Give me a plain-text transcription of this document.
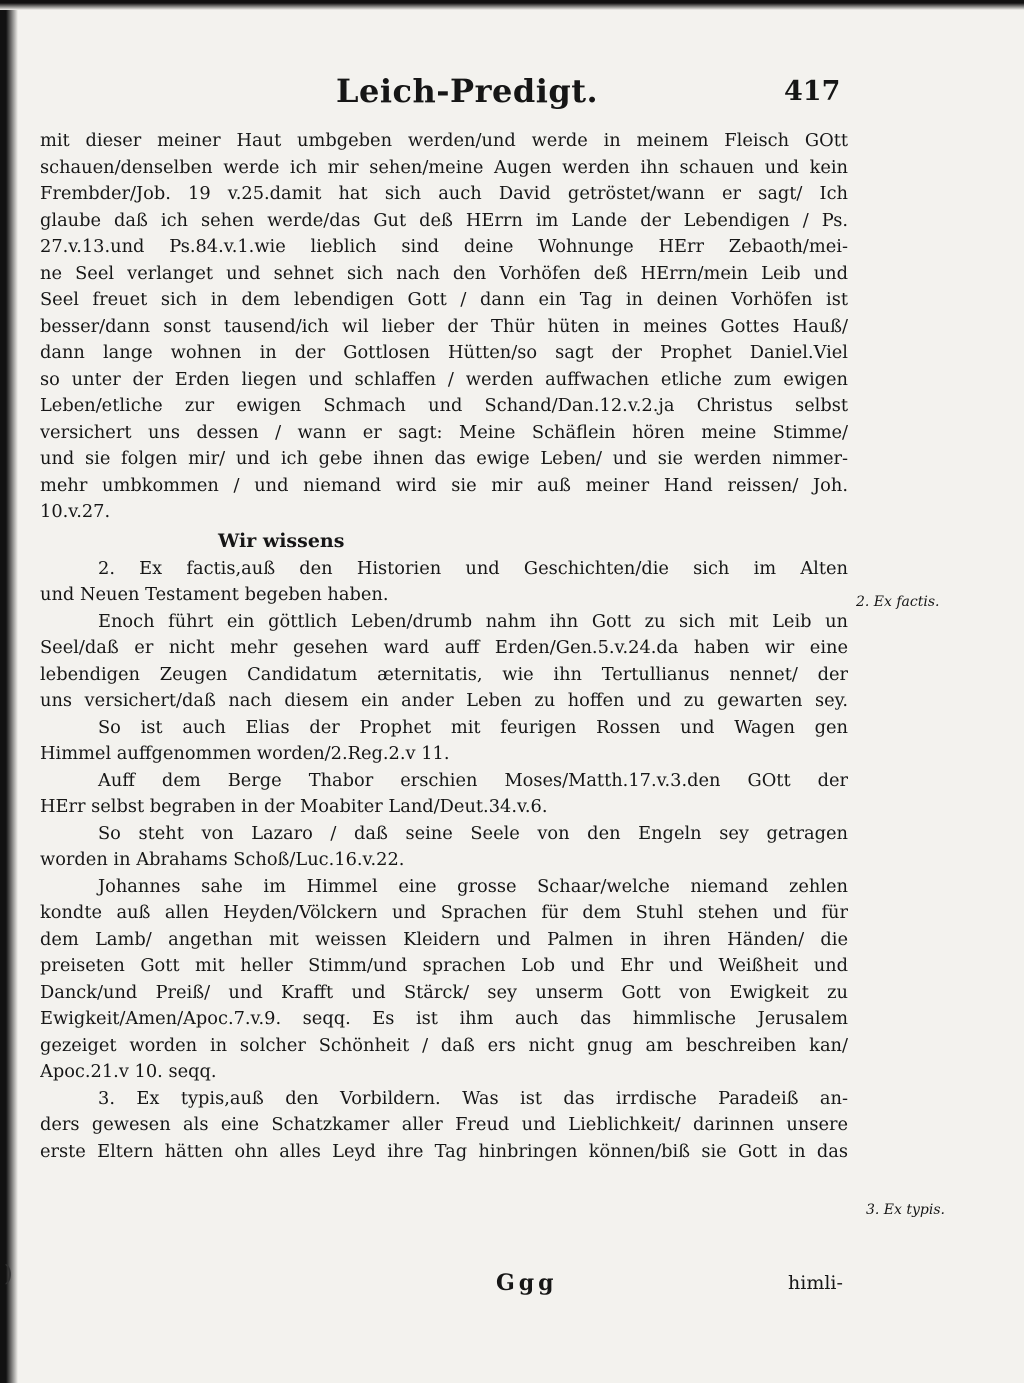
Leich-Predigt.	417
mit dieser meiner Haut umbgeben werden/und werde in meinem Fleisch GOtt
schauen/denselben werde ich mir sehen/meine Augen werden ihn schauen und kein
Frembder/Job. 19 v.25.damit hat sich auch David getröstet/wann er sagt/ Ich
glaube daß ich sehen werde/das Gut deß HErrn im Lande der Lebendigen / Ps.
27.v.13.und Ps.84.v.1.wie lieblich sind deine Wohnunge HErr Zebaoth/mei-
ne Seel verlanget und sehnet sich nach den Vorhöfen deß HErrn/mein Leib und
Seel freuet sich in dem lebendigen Gott / dann ein Tag in deinen Vorhöfen ist
besser/dann sonst tausend/ich wil lieber der Thür hüten in meines Gottes Hauß/
dann lange wohnen in der Gottlosen Hütten/so sagt der Prophet Daniel.Viel
so unter der Erden liegen und schlaffen / werden auffwachen etliche zum ewigen
Leben/etliche zur ewigen Schmach und Schand/Dan.12.v.2.ja Christus selbst
versichert uns dessen / wann er sagt: Meine Schäflein hören meine Stimme/
und sie folgen mir/ und ich gebe ihnen das ewige Leben/ und sie werden nimmer-
mehr umbkommen / und niemand wird sie mir auß meiner Hand reissen/ Joh.
10.v.27.
Wir wissens
2. Ex factis,auß den Historien und Geschichten/die sich im Alten
und Neuen Testament begeben haben.
Enoch führt ein göttlich Leben/drumb nahm ihn Gott zu sich mit Leib un
Seel/daß er nicht mehr gesehen ward auff Erden/Gen.5.v.24.da haben wir eine
lebendigen Zeugen Candidatum æternitatis, wie ihn Tertullianus nennet/ der
uns versichert/daß nach diesem ein ander Leben zu hoffen und zu gewarten sey.
So ist auch Elias der Prophet mit feurigen Rossen und Wagen gen
Himmel auffgenommen worden/2.Reg.2.v 11.
Auff dem Berge Thabor erschien Moses/Matth.17.v.3.den GOtt der
HErr selbst begraben in der Moabiter Land/Deut.34.v.6.
So steht von Lazaro / daß seine Seele von den Engeln sey getragen
worden in Abrahams Schoß/Luc.16.v.22.
Johannes sahe im Himmel eine grosse Schaar/welche niemand zehlen
kondte auß allen Heyden/Völckern und Sprachen für dem Stuhl stehen und für
dem Lamb/ angethan mit weissen Kleidern und Palmen in ihren Händen/ die
preiseten Gott mit heller Stimm/und sprachen Lob und Ehr und Weißheit und
Danck/und Preiß/ und Krafft und Stärck/ sey unserm Gott von Ewigkeit zu
Ewigkeit/Amen/Apoc.7.v.9. seqq. Es ist ihm auch das himmlische Jerusalem
gezeiget worden in solcher Schönheit / daß ers nicht gnug am beschreiben kan/
Apoc.21.v 10. seqq.
3. Ex typis,auß den Vorbildern. Was ist das irrdische Paradeiß an-
ders gewesen als eine Schatzkamer aller Freud und Lieblichkeit/ darinnen unsere
erste Eltern hätten ohn alles Leyd ihre Tag hinbringen können/biß sie Gott in das
2. Ex factis.
3. Ex typis.
Ggg	himli-
)
